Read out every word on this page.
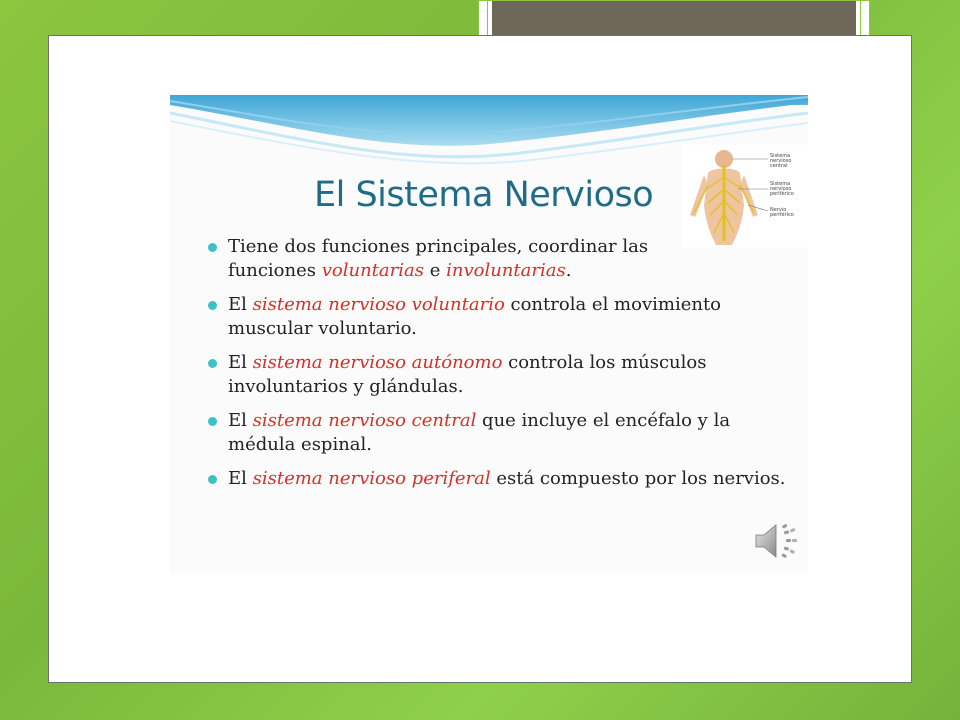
El Sistema Nervioso
Sistema nervioso central
Sistema nervioso periférico
Nervio periférico
Tiene dos funciones principales, coordinar las funciones voluntarias e involuntarias.
El sistema nervioso voluntario controla el movimiento muscular voluntario.
El sistema nervioso autónomo controla los músculos involuntarios y glándulas.
El sistema nervioso central que incluye el encéfalo y la médula espinal.
El sistema nervioso periferal está compuesto por los nervios.
